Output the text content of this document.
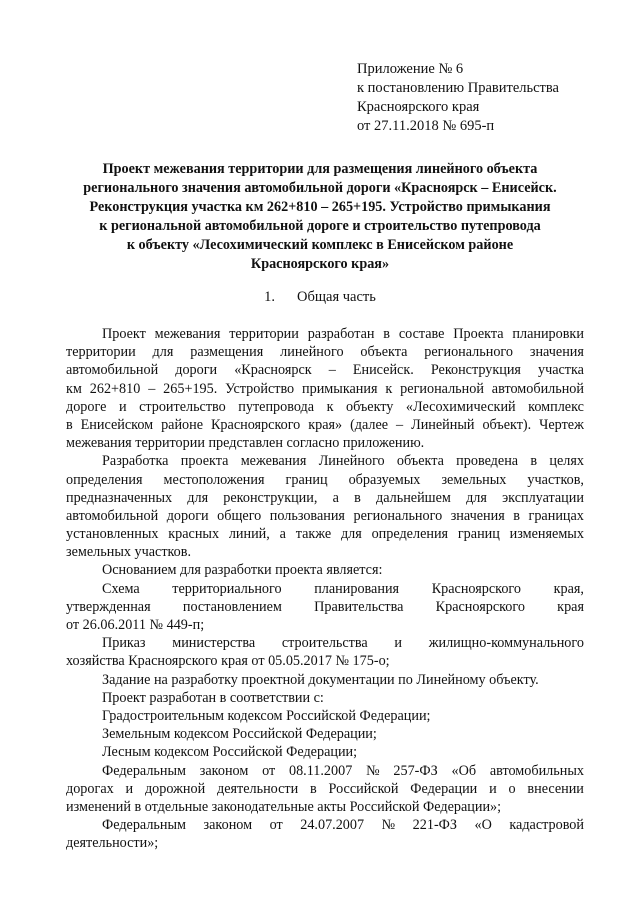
Приложение № 6
к постановлению Правительства
Красноярского края
от 27.11.2018 № 695-п
Проект межевания территории для размещения линейного объекта
регионального значения автомобильной дороги «Красноярск – Енисейск.
Реконструкция участка км 262+810 – 265+195. Устройство примыкания
к региональной автомобильной дороге и строительство путепровода
к объекту «Лесохимический комплекс в Енисейском районе
Красноярского края»
1. Общая часть
Проект межевания территории разработан в составе Проекта планировки
территории для размещения линейного объекта регионального значения
автомобильной дороги «Красноярск – Енисейск. Реконструкция участка
км 262+810 – 265+195. Устройство примыкания к региональной автомобильной
дороге и строительство путепровода к объекту «Лесохимический комплекс
в Енисейском районе Красноярского края» (далее – Линейный объект). Чертеж
межевания территории представлен согласно приложению.
Разработка проекта межевания Линейного объекта проведена в целях
определения местоположения границ образуемых земельных участков,
предназначенных для реконструкции, а в дальнейшем для эксплуатации
автомобильной дороги общего пользования регионального значения в границах
установленных красных линий, а также для определения границ изменяемых
земельных участков.
Основанием для разработки проекта является:
Схема территориального планирования Красноярского края,
утвержденная постановлением Правительства Красноярского края
от 26.06.2011 № 449-п;
Приказ министерства строительства и жилищно-коммунального
хозяйства Красноярского края от 05.05.2017 № 175-о;
Задание на разработку проектной документации по Линейному объекту.
Проект разработан в соответствии с:
Градостроительным кодексом Российской Федерации;
Земельным кодексом Российской Федерации;
Лесным кодексом Российской Федерации;
Федеральным законом от 08.11.2007 № 257-ФЗ «Об автомобильных
дорогах и дорожной деятельности в Российской Федерации и о внесении
изменений в отдельные законодательные акты Российской Федерации»;
Федеральным законом от 24.07.2007 № 221-ФЗ «О кадастровой
деятельности»;
